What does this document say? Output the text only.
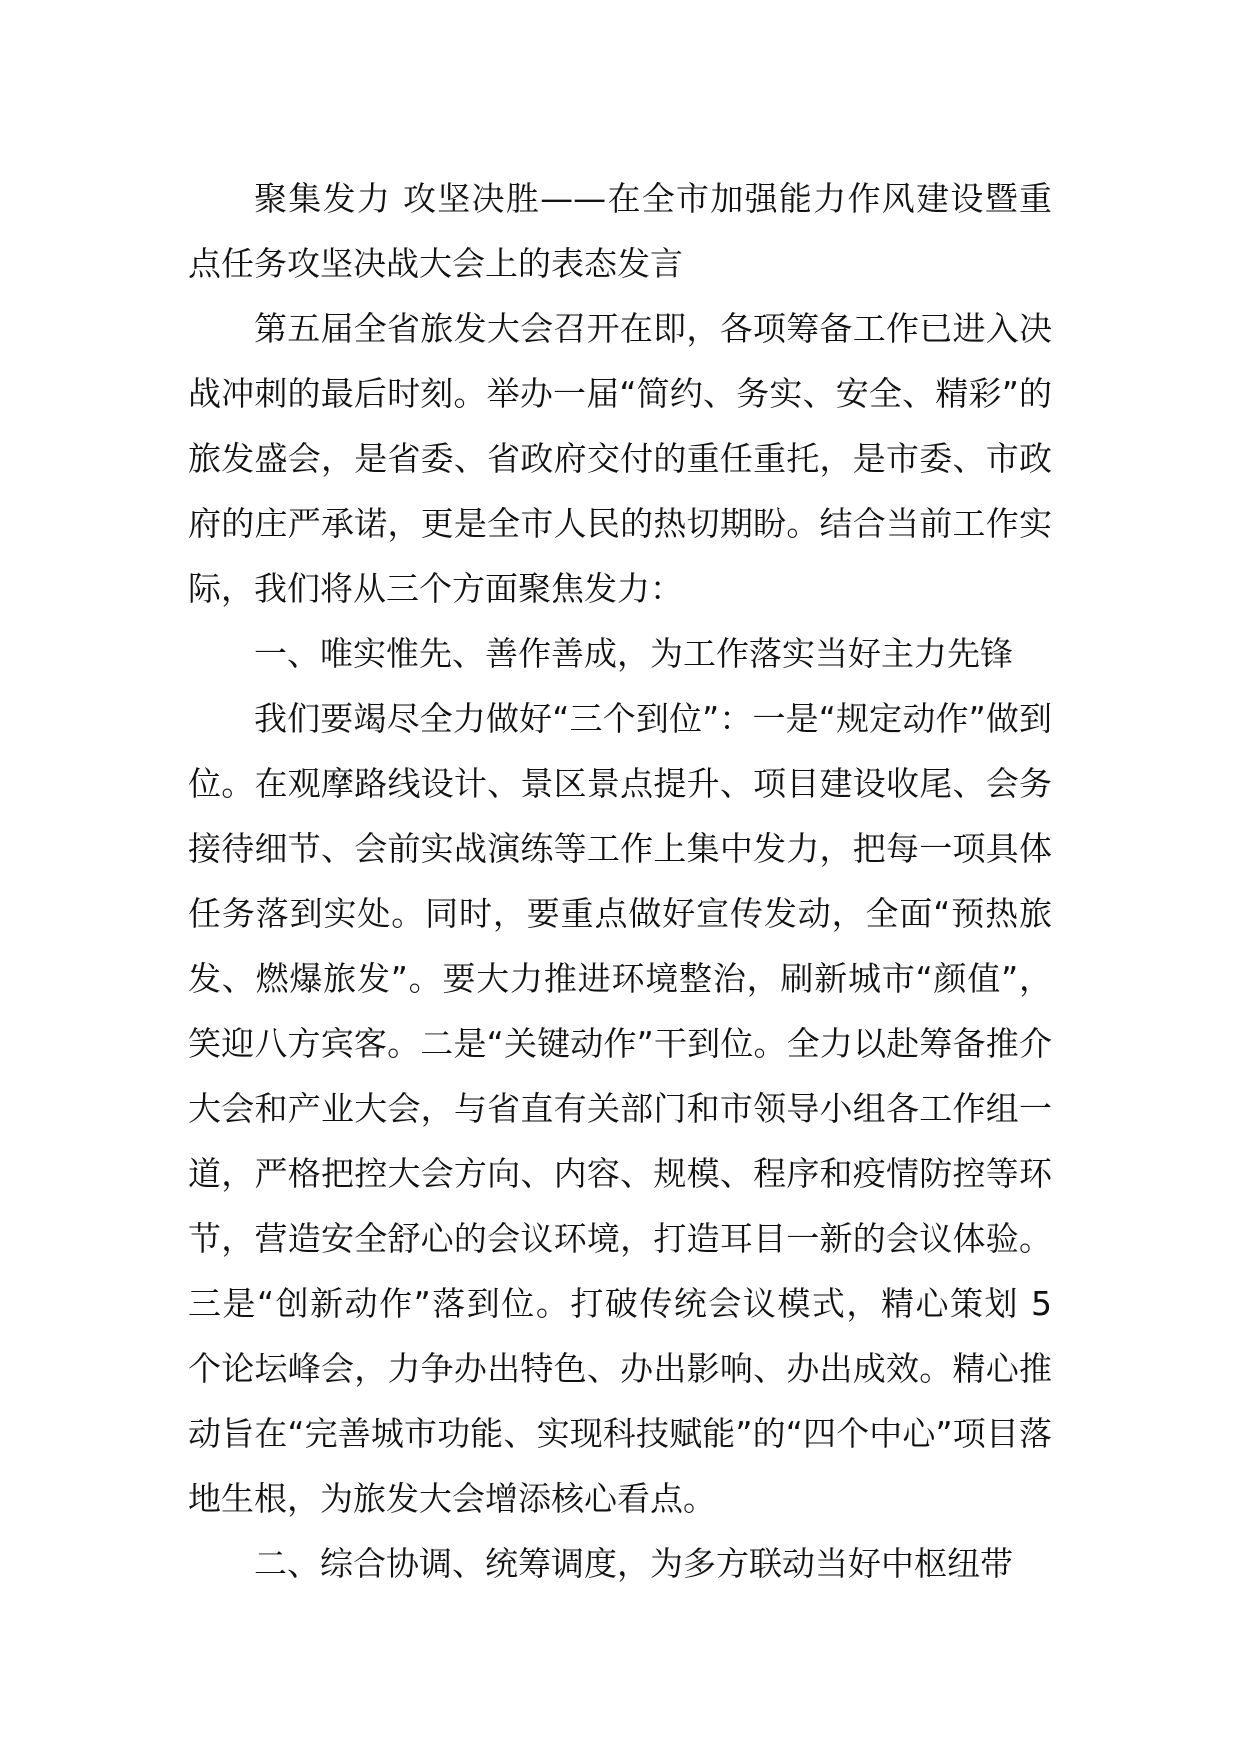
聚集发力 攻坚决胜——在全市加强能力作风建设暨重点任务攻坚决战大会上的表态发言

第五届全省旅发大会召开在即，各项筹备工作已进入决战冲刺的最后时刻。举办一届“简约、务实、安全、精彩”的旅发盛会，是省委、省政府交付的重任重托，是市委、市政府的庄严承诺，更是全市人民的热切期盼。结合当前工作实际，我们将从三个方面聚焦发力：

一、唯实惟先、善作善成，为工作落实当好主力先锋

我们要竭尽全力做好“三个到位”：一是“规定动作”做到位。在观摩路线设计、景区景点提升、项目建设收尾、会务接待细节、会前实战演练等工作上集中发力，把每一项具体任务落到实处。同时，要重点做好宣传发动，全面“预热旅发、燃爆旅发”。要大力推进环境整治，刷新城市“颜值”，笑迎八方宾客。二是“关键动作”干到位。全力以赴筹备推介大会和产业大会，与省直有关部门和市领导小组各工作组一道，严格把控大会方向、内容、规模、程序和疫情防控等环节，营造安全舒心的会议环境，打造耳目一新的会议体验。三是“创新动作”落到位。打破传统会议模式，精心策划 5 个论坛峰会，力争办出特色、办出影响、办出成效。精心推动旨在“完善城市功能、实现科技赋能”的“四个中心”项目落地生根，为旅发大会增添核心看点。

二、综合协调、统筹调度，为多方联动当好中枢纽带
